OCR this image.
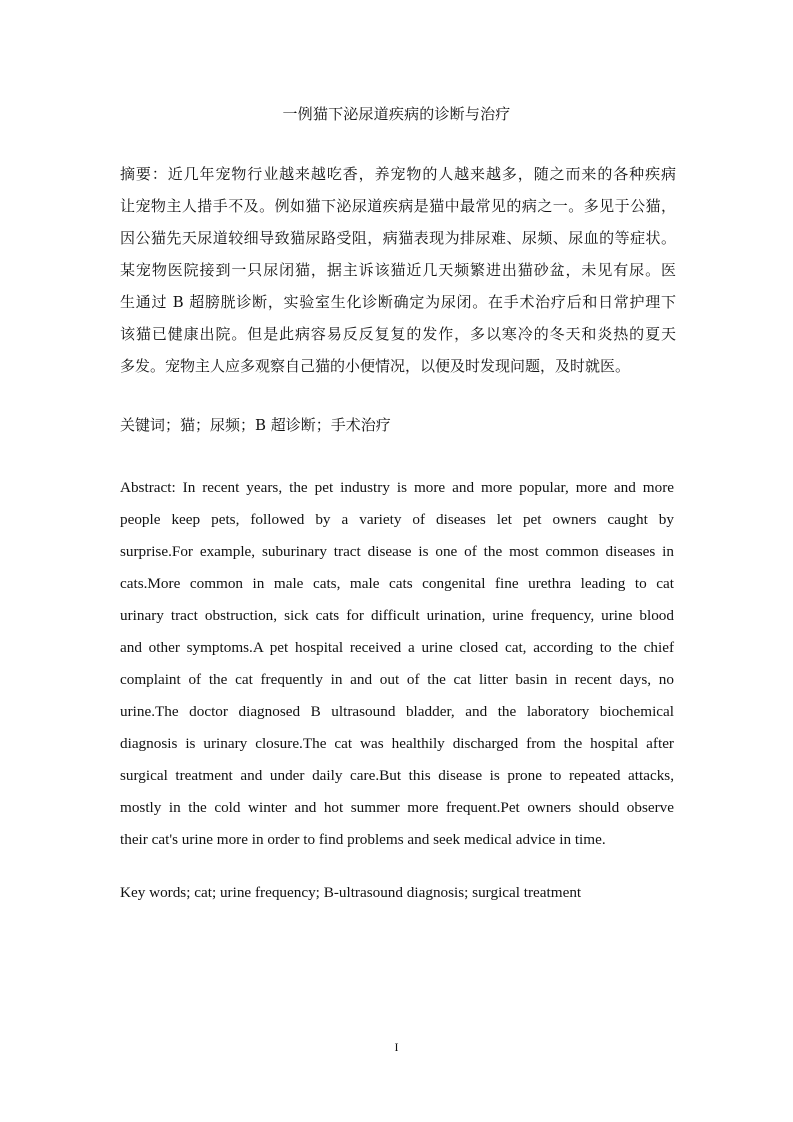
一例猫下泌尿道疾病的诊断与治疗
摘要：近几年宠物行业越来越吃香，养宠物的人越来越多，随之而来的各种疾病
让宠物主人措手不及。例如猫下泌尿道疾病是猫中最常见的病之一。多见于公猫，
因公猫先天尿道较细导致猫尿路受阻，病猫表现为排尿难、尿频、尿血的等症状。
某宠物医院接到一只尿闭猫，据主诉该猫近几天频繁进出猫砂盆，未见有尿。医
生通过 B 超膀胱诊断，实验室生化诊断确定为尿闭。在手术治疗后和日常护理下
该猫已健康出院。但是此病容易反反复复的发作，多以寒冷的冬天和炎热的夏天
多发。宠物主人应多观察自己猫的小便情况，以便及时发现问题，及时就医。
关键词；猫；尿频；B 超诊断；手术治疗
Abstract: In recent years, the pet industry is more and more popular, more and more
people keep pets, followed by a variety of diseases let pet owners caught by
surprise.For example, suburinary tract disease is one of the most common diseases in
cats.More common in male cats, male cats congenital fine urethra leading to cat
urinary tract obstruction, sick cats for difficult urination, urine frequency, urine blood
and other symptoms.A pet hospital received a urine closed cat, according to the chief
complaint of the cat frequently in and out of the cat litter basin in recent days, no
urine.The doctor diagnosed B ultrasound bladder, and the laboratory biochemical
diagnosis is urinary closure.The cat was healthily discharged from the hospital after
surgical treatment and under daily care.But this disease is prone to repeated attacks,
mostly in the cold winter and hot summer more frequent.Pet owners should observe
their cat's urine more in order to find problems and seek medical advice in time.
Key words; cat; urine frequency; B-ultrasound diagnosis; surgical treatment
I
